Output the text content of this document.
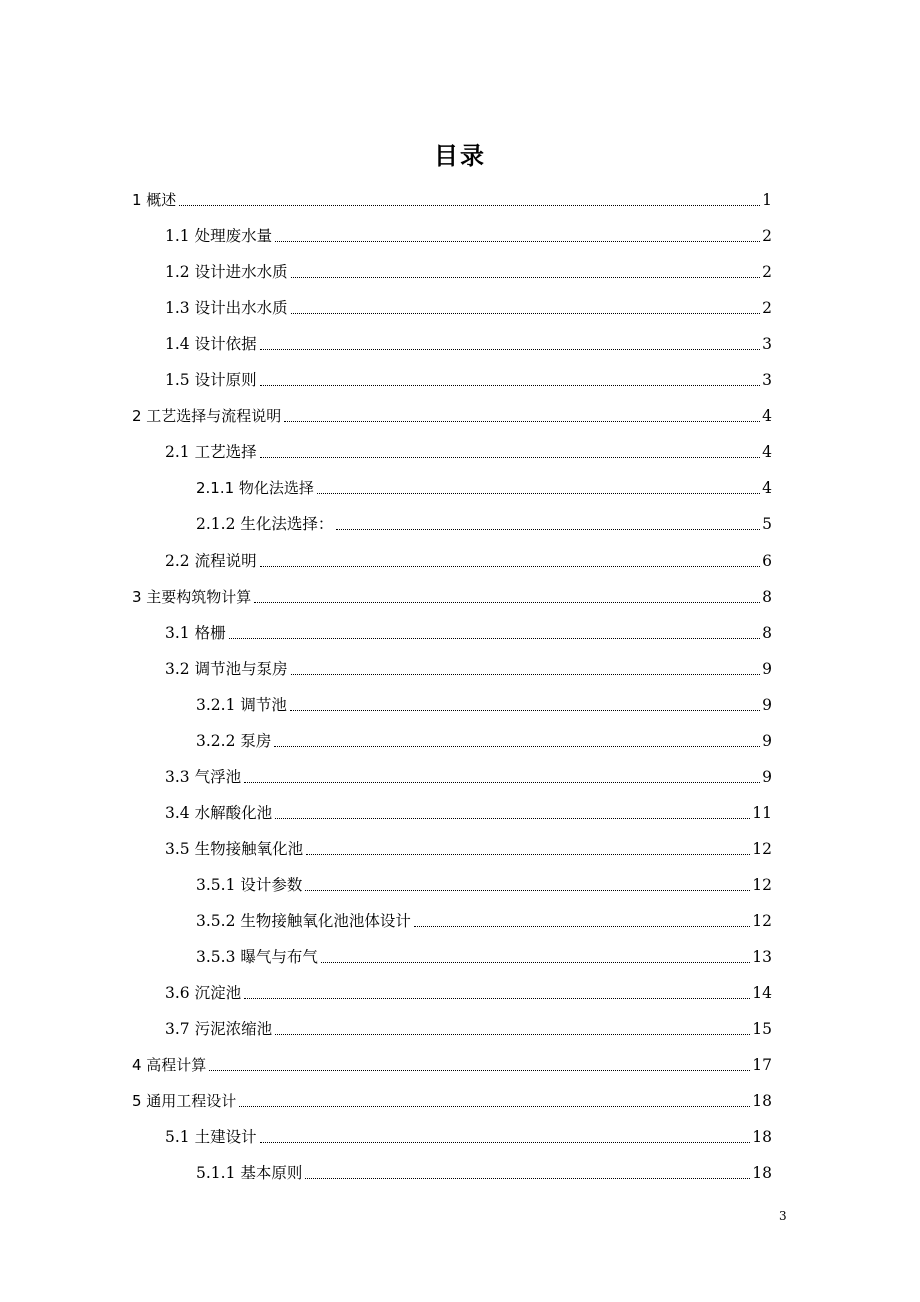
目录
1 概述	1
1.1 处理废水量	2
1.2 设计进水水质	2
1.3 设计出水水质	2
1.4 设计依据	3
1.5 设计原则	3
2 工艺选择与流程说明	4
2.1 工艺选择	4
2.1.1 物化法选择	4
2.1.2 生化法选择：	5
2.2 流程说明	6
3 主要构筑物计算	8
3.1 格栅	8
3.2 调节池与泵房	9
3.2.1 调节池	9
3.2.2 泵房	9
3.3 气浮池	9
3.4 水解酸化池	11
3.5 生物接触氧化池	12
3.5.1 设计参数	12
3.5.2 生物接触氧化池池体设计	12
3.5.3 曝气与布气	13
3.6 沉淀池	14
3.7 污泥浓缩池	15
4 高程计算	17
5 通用工程设计	18
5.1 土建设计	18
5.1.1 基本原则	18
3
